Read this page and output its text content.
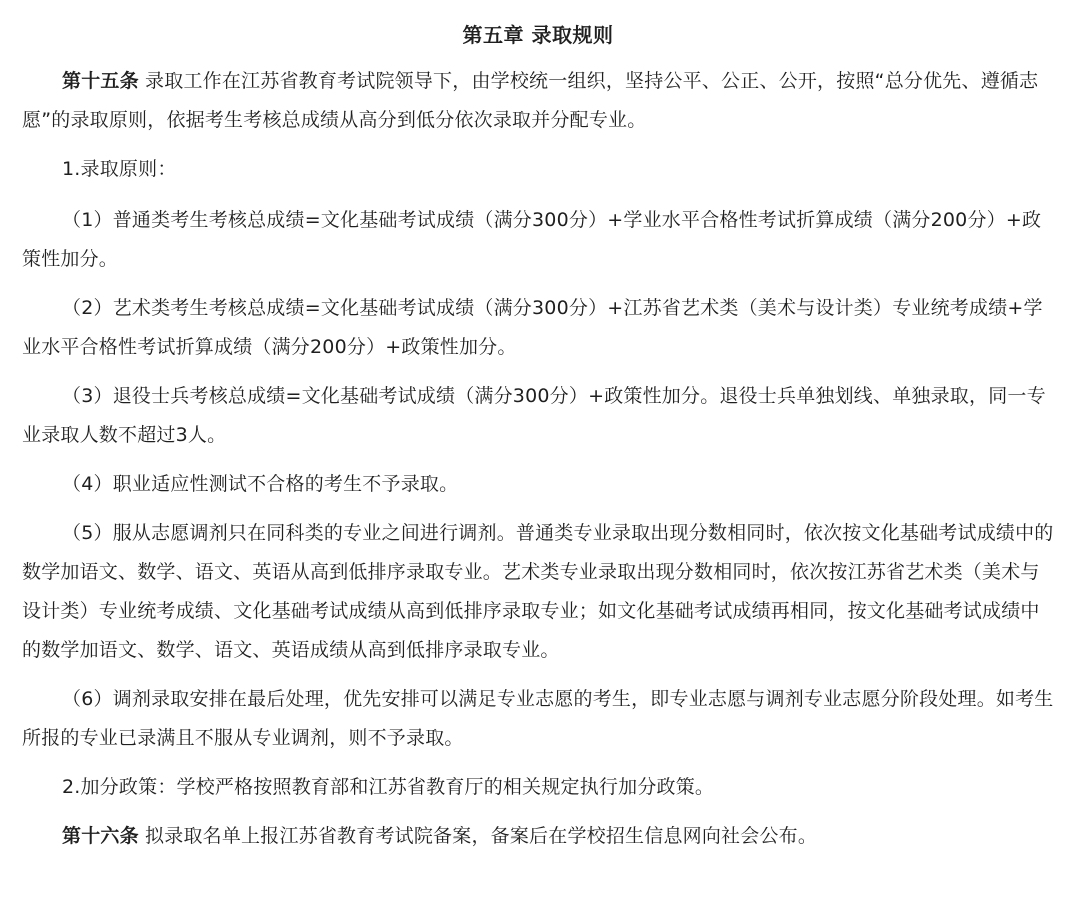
第五章 录取规则

第十五条 录取工作在江苏省教育考试院领导下，由学校统一组织，坚持公平、公正、公开，按照“总分优先、遵循志愿”的录取原则，依据考生考核总成绩从高分到低分依次录取并分配专业。

1.录取原则：

（1）普通类考生考核总成绩=文化基础考试成绩（满分300分）+学业水平合格性考试折算成绩（满分200分）+政策性加分。

（2）艺术类考生考核总成绩=文化基础考试成绩（满分300分）+江苏省艺术类（美术与设计类）专业统考成绩+学业水平合格性考试折算成绩（满分200分）+政策性加分。

（3）退役士兵考核总成绩=文化基础考试成绩（满分300分）+政策性加分。退役士兵单独划线、单独录取，同一专业录取人数不超过3人。

（4）职业适应性测试不合格的考生不予录取。

（5）服从志愿调剂只在同科类的专业之间进行调剂。普通类专业录取出现分数相同时，依次按文化基础考试成绩中的数学加语文、数学、语文、英语从高到低排序录取专业。艺术类专业录取出现分数相同时，依次按江苏省艺术类（美术与设计类）专业统考成绩、文化基础考试成绩从高到低排序录取专业；如文化基础考试成绩再相同，按文化基础考试成绩中的数学加语文、数学、语文、英语成绩从高到低排序录取专业。

（6）调剂录取安排在最后处理，优先安排可以满足专业志愿的考生，即专业志愿与调剂专业志愿分阶段处理。如考生所报的专业已录满且不服从专业调剂，则不予录取。

2.加分政策：学校严格按照教育部和江苏省教育厅的相关规定执行加分政策。

第十六条 拟录取名单上报江苏省教育考试院备案，备案后在学校招生信息网向社会公布。
